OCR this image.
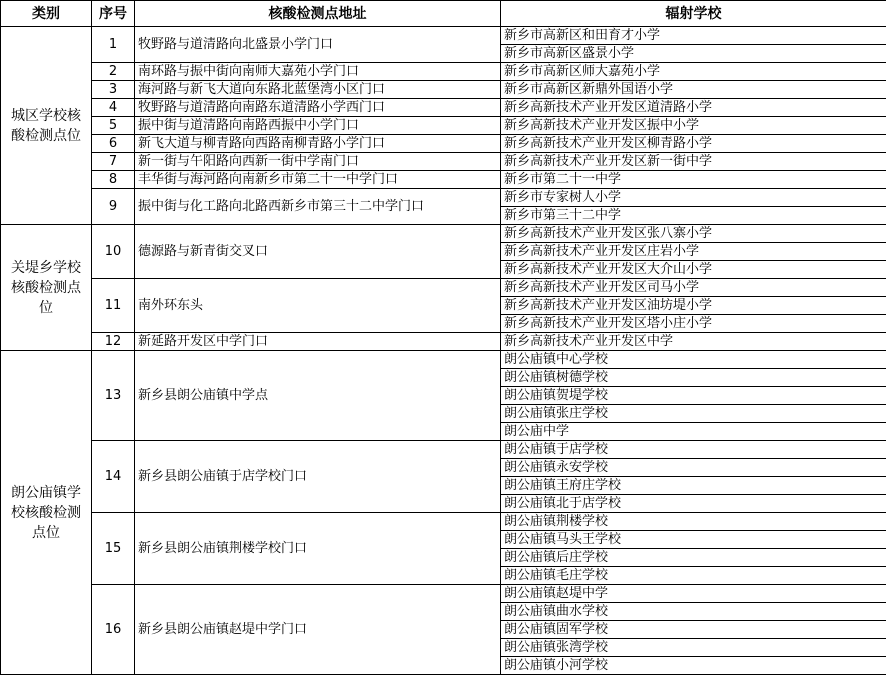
类别	序号	核酸检测点地址	辐射学校
城区学校核酸检测点位	1	牧野路与道清路向北盛景小学门口	新乡市高新区和田育才小学
			新乡市高新区盛景小学
	2	南环路与振中街向南师大嘉苑小学门口	新乡市高新区师大嘉苑小学
	3	海河路与新飞大道向东路北蓝堡湾小区门口	新乡市高新区新鼎外国语小学
	4	牧野路与道清路向南路东道清路小学西门口	新乡高新技术产业开发区道清路小学
	5	振中街与道清路向南路西振中小学门口	新乡高新技术产业开发区振中小学
	6	新飞大道与柳青路向西路南柳青路小学门口	新乡高新技术产业开发区柳青路小学
	7	新一街与午阳路向西新一街中学南门口	新乡高新技术产业开发区新一街中学
	8	丰华街与海河路向南新乡市第二十一中学门口	新乡市第二十一中学
	9	振中街与化工路向北路西新乡市第三十二中学门口	新乡市专家树人小学
			新乡市第三十二中学
关堤乡学校核酸检测点位	10	德源路与新青街交叉口	新乡高新技术产业开发区张八寨小学
			新乡高新技术产业开发区庄岩小学
			新乡高新技术产业开发区大介山小学
	11	南外环东头	新乡高新技术产业开发区司马小学
			新乡高新技术产业开发区油坊堤小学
			新乡高新技术产业开发区塔小庄小学
	12	新延路开发区中学门口	新乡高新技术产业开发区中学
朗公庙镇学校核酸检测点位	13	新乡县朗公庙镇中学点	朗公庙镇中心学校
			朗公庙镇树德学校
			朗公庙镇贺堤学校
			朗公庙镇张庄学校
			朗公庙中学
	14	新乡县朗公庙镇于店学校门口	朗公庙镇于店学校
			朗公庙镇永安学校
			朗公庙镇王府庄学校
			朗公庙镇北于店学校
	15	新乡县朗公庙镇荆楼学校门口	朗公庙镇荆楼学校
			朗公庙镇马头王学校
			朗公庙镇后庄学校
			朗公庙镇毛庄学校
	16	新乡县朗公庙镇赵堤中学门口	朗公庙镇赵堤中学
			朗公庙镇曲水学校
			朗公庙镇固军学校
			朗公庙镇张湾学校
			朗公庙镇小河学校
